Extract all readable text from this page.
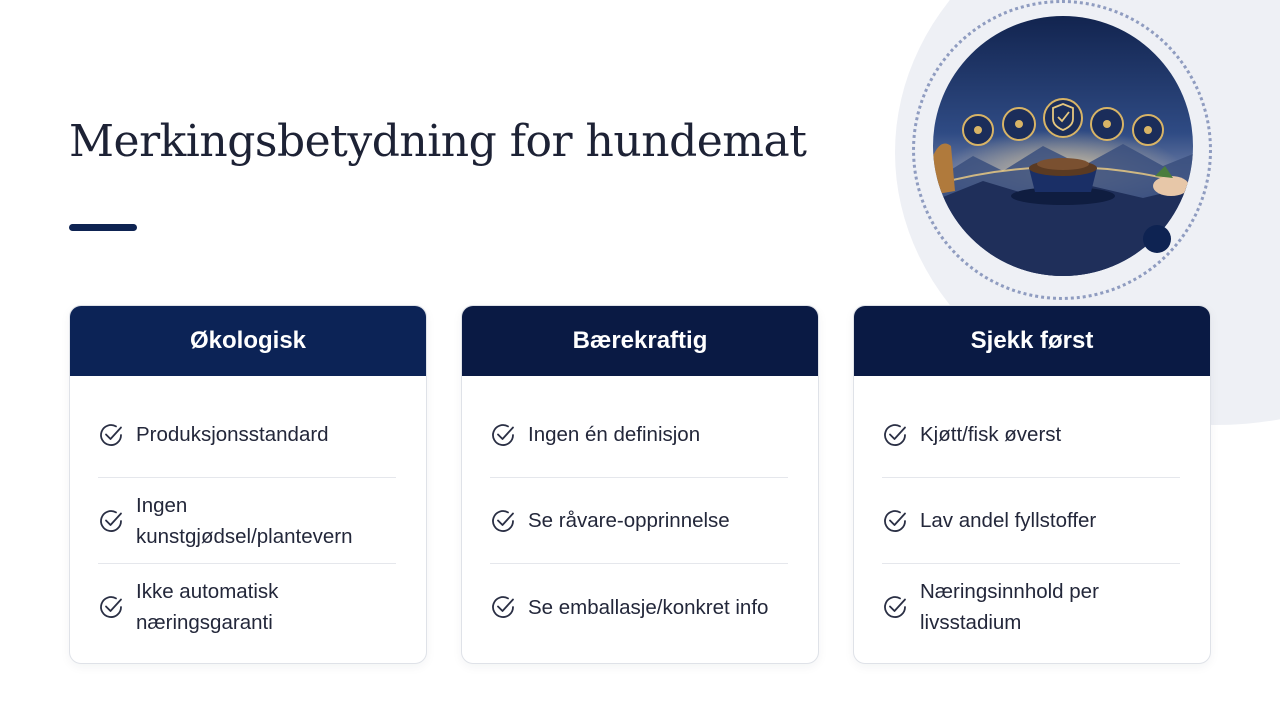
Merkingsbetydning for hundemat
Økologisk
Produksjonsstandard
Ingen kunstgjødsel/plantevern
Ikke automatisk næringsgaranti
Bærekraftig
Ingen én definisjon
Se råvare-opprinnelse
Se emballasje/konkret info
Sjekk først
Kjøtt/fisk øverst
Lav andel fyllstoffer
Næringsinnhold per livsstadium
